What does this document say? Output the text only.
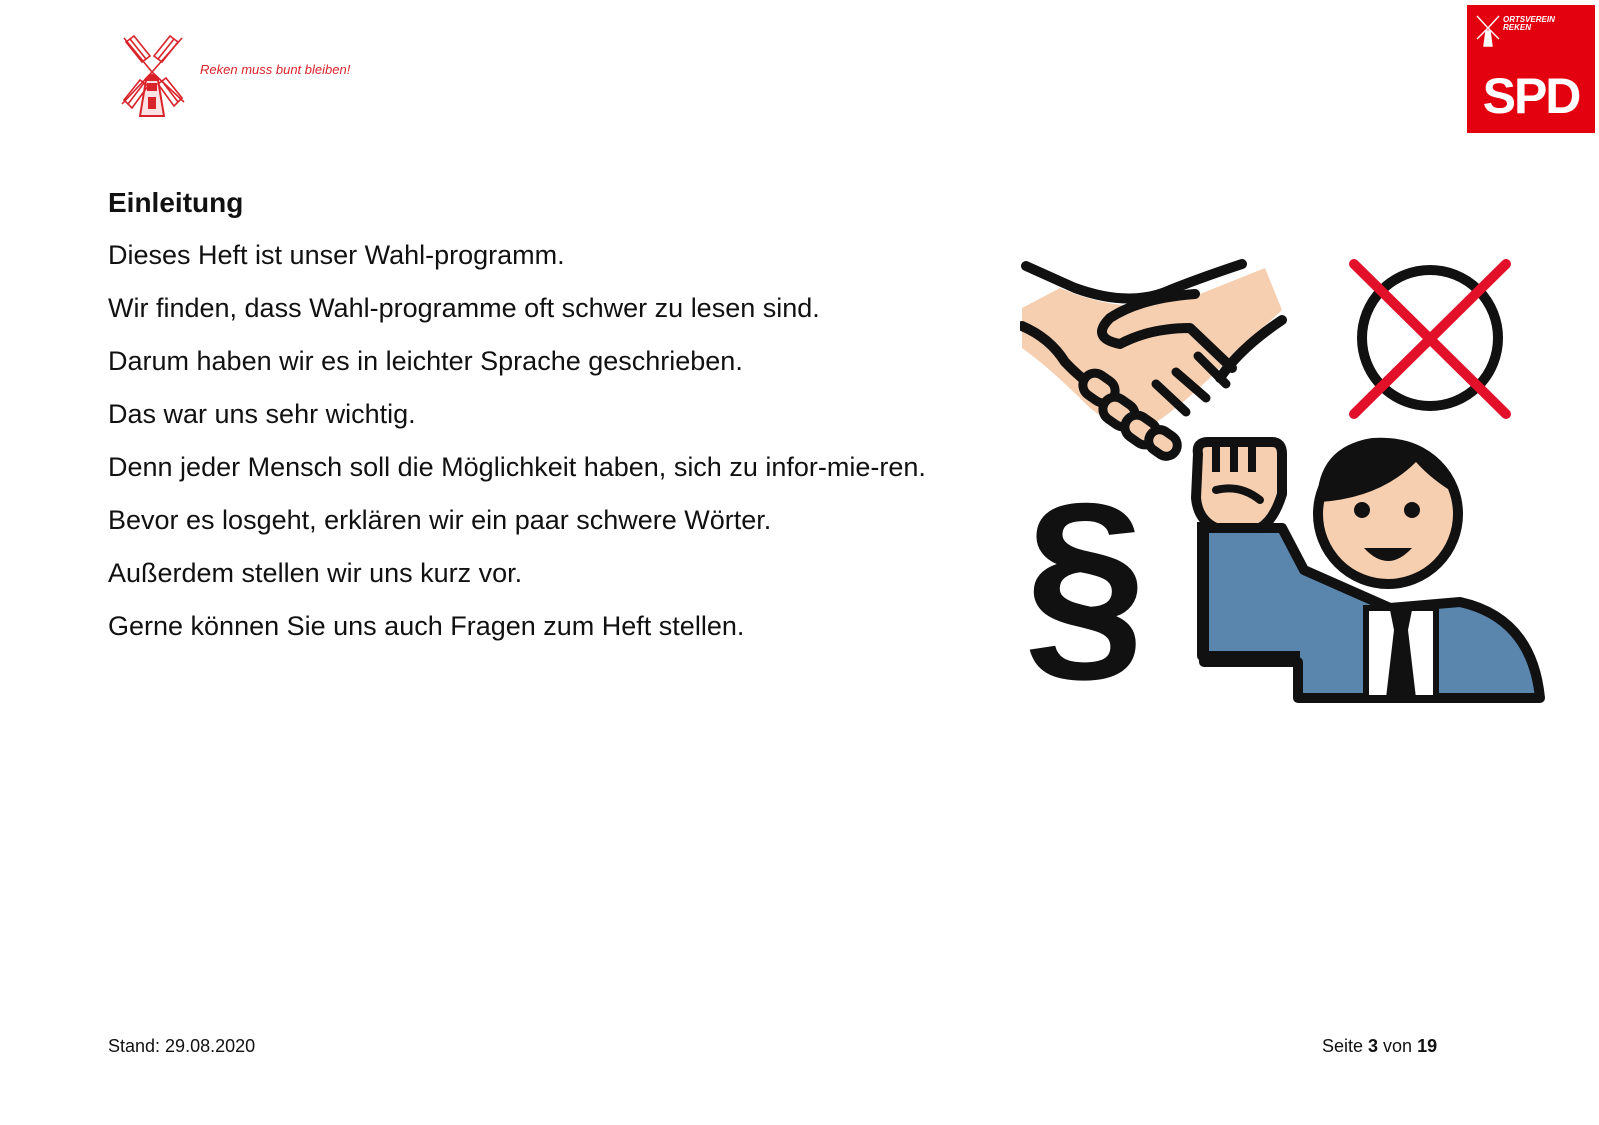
Reken muss bunt bleiben!
ORTSVEREIN REKEN
SPD
Einleitung
Dieses Heft ist unser Wahl-programm.
Wir finden, dass Wahl-programme oft schwer zu lesen sind.
Darum haben wir es in leichter Sprache geschrieben.
Das war uns sehr wichtig.
Denn jeder Mensch soll die Möglichkeit haben, sich zu infor-mie-ren.
Bevor es losgeht, erklären wir ein paar schwere Wörter.
Außerdem stellen wir uns kurz vor.
Gerne können Sie uns auch Fragen zum Heft stellen.	§
Stand: 29.08.2020	Seite 3 von 19
